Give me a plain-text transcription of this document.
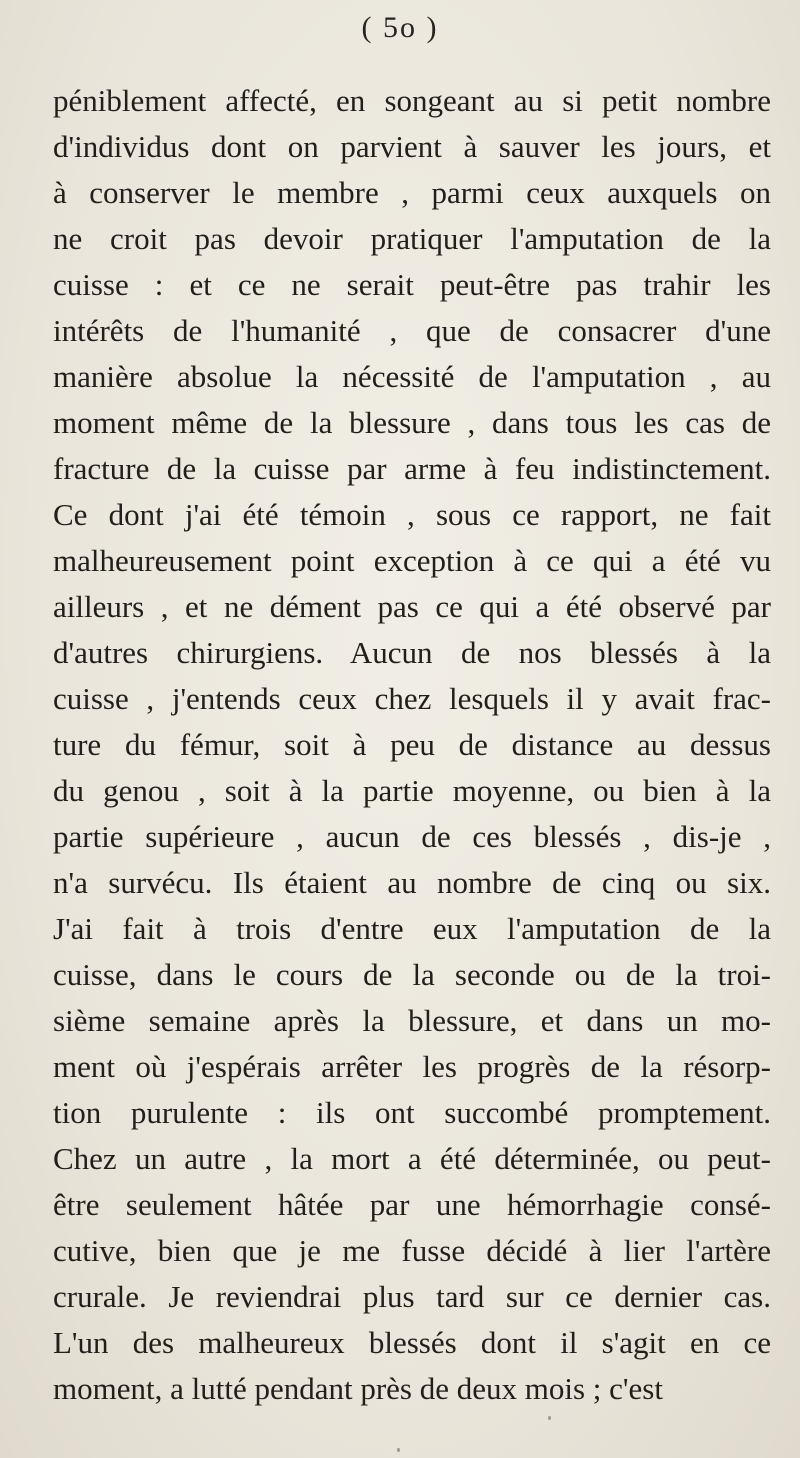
( 5o )
péniblement affecté, en songeant au si petit nombre
d'individus dont on parvient à sauver les jours, et
à conserver le membre , parmi ceux auxquels on
ne croit pas devoir pratiquer l'amputation de la
cuisse : et ce ne serait peut-être pas trahir les
intérêts de l'humanité , que de consacrer d'une
manière absolue la nécessité de l'amputation , au
moment même de la blessure , dans tous les cas de
fracture de la cuisse par arme à feu indistinctement.
Ce dont j'ai été témoin , sous ce rapport, ne fait
malheureusement point exception à ce qui a été vu
ailleurs , et ne dément pas ce qui a été observé par
d'autres chirurgiens. Aucun de nos blessés à la
cuisse , j'entends ceux chez lesquels il y avait frac-
ture du fémur, soit à peu de distance au dessus
du genou , soit à la partie moyenne, ou bien à la
partie supérieure , aucun de ces blessés , dis-je ,
n'a survécu. Ils étaient au nombre de cinq ou six.
J'ai fait à trois d'entre eux l'amputation de la
cuisse, dans le cours de la seconde ou de la troi-
sième semaine après la blessure, et dans un mo-
ment où j'espérais arrêter les progrès de la résorp-
tion purulente : ils ont succombé promptement.
Chez un autre , la mort a été déterminée, ou peut-
être seulement hâtée par une hémorrhagie consé-
cutive, bien que je me fusse décidé à lier l'artère
crurale. Je reviendrai plus tard sur ce dernier cas.
L'un des malheureux blessés dont il s'agit en ce
moment, a lutté pendant près de deux mois ; c'est
